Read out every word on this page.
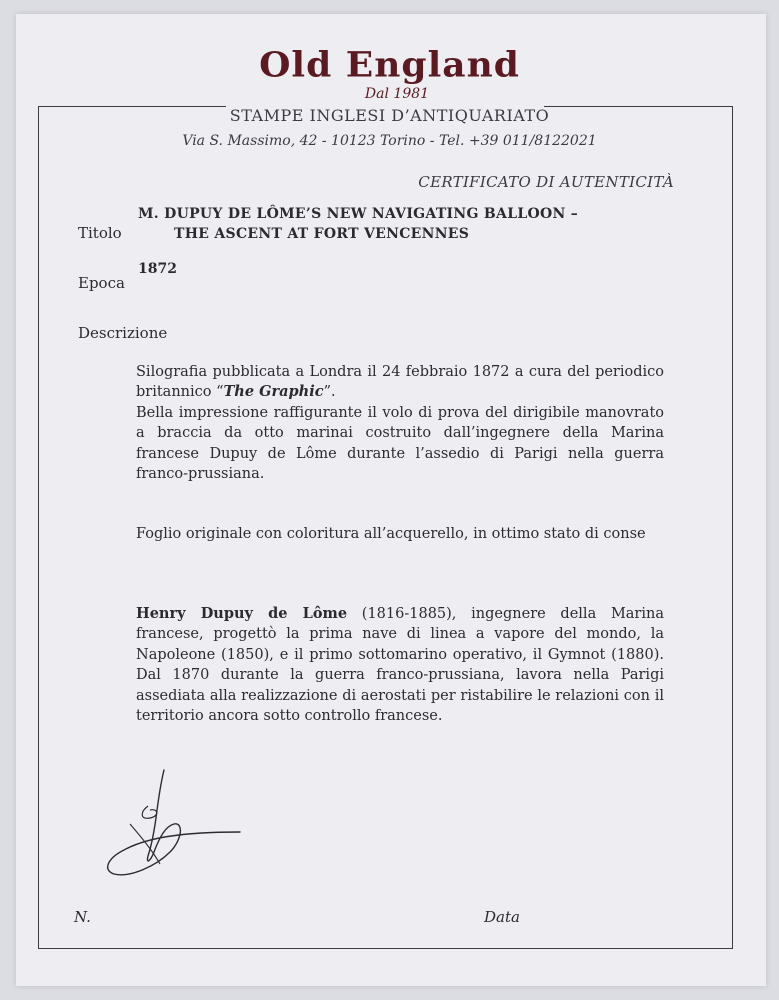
Old England
Dal 1981
STAMPE INGLESI D’ANTIQUARIATO
Via S. Massimo, 42 - 10123 Torino - Tel. +39 011/8122021
CERTIFICATO DI AUTENTICITÀ
Titolo
M. DUPUY DE LÔME’S NEW NAVIGATING BALLOON –
THE ASCENT AT FORT VENCENNES
Epoca
1872
Descrizione
Silografia pubblicata a Londra il 24 febbraio 1872 a cura del periodico britannico “The Graphic”.
Bella impressione raffigurante il volo di prova del dirigibile manovrato a braccia da otto marinai costruito dall’ingegnere della Marina francese Dupuy de Lôme durante l’assedio di Parigi nella guerra franco-prussiana.
Foglio originale con coloritura all’acquerello, in ottimo stato di conse
Henry Dupuy de Lôme (1816-1885), ingegnere della Marina francese, progettò la prima nave di linea a vapore del mondo, la Napoleone (1850), e il primo sottomarino operativo, il Gymnot (1880). Dal 1870 durante la guerra franco-prussiana, lavora nella Parigi assediata alla realizzazione di aerostati per ristabilire le relazioni con il territorio ancora sotto controllo francese.
N.	Data
